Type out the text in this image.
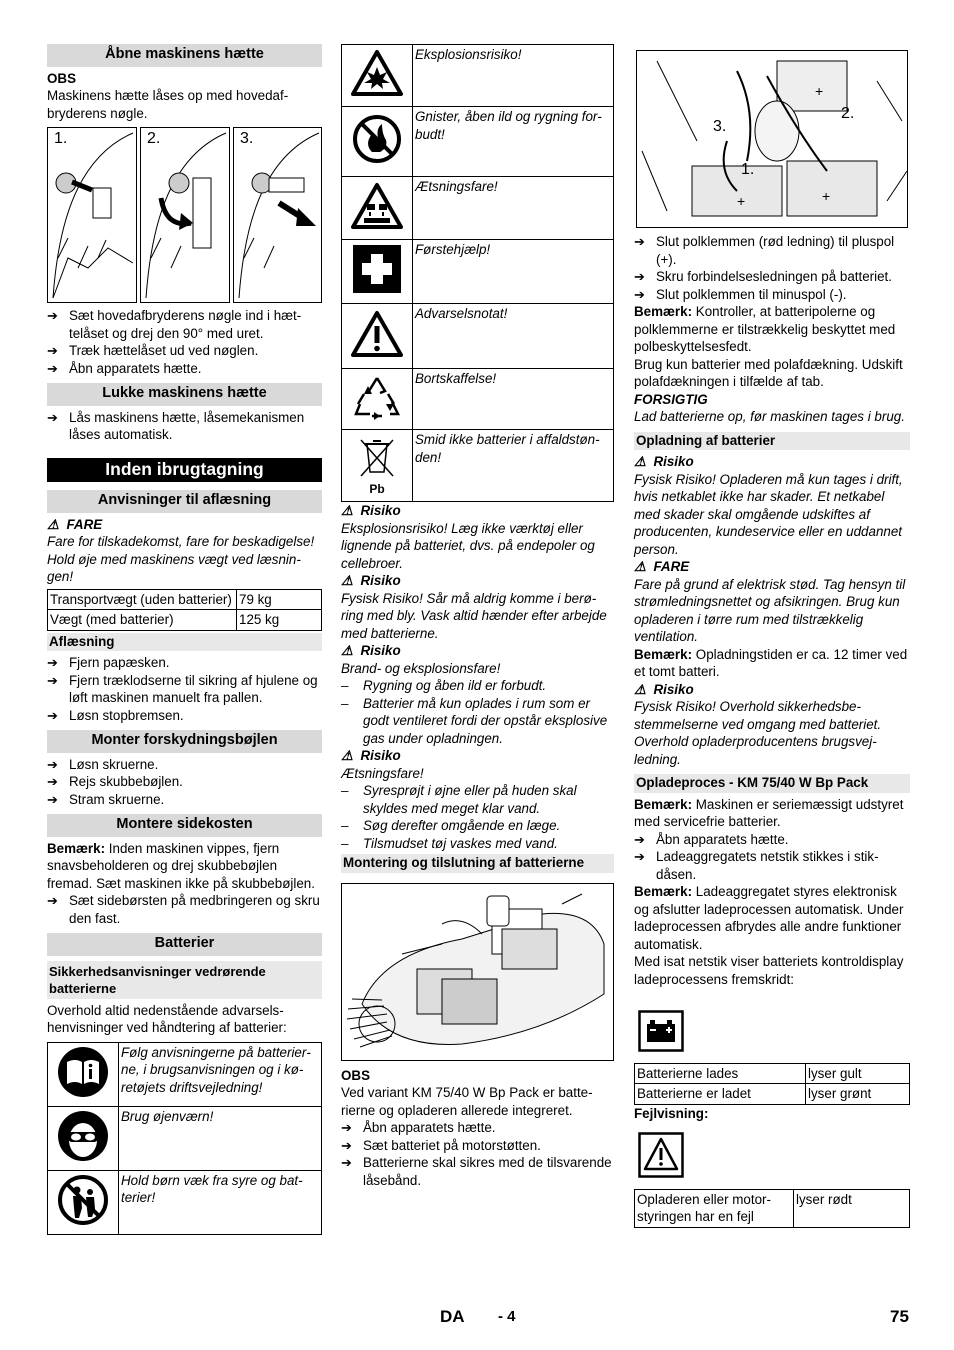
Åbne maskinens hætte

OBS

Maskinens hætte låses op med hovedafbryderens nøgle.

1.	2.	3.
➔ Sæt hovedafbryderens nøgle ind i hættelåset og drej den 90° med uret.
➔ Træk hættelåset ud ved nøglen.
➔ Åbn apparatets hætte.
Lukke maskinens hætte
➔ Lås maskinens hætte, låsemekanismen låses automatisk.
Inden ibrugtagning
Anvisninger til aflæsning

⚠ FARE

Fare for tilskadekomst, fare for beskadigelse!

Hold øje med maskinens vægt ved læsningen!

Transportvægt (uden batterier)	79 kg
Vægt (med batterier)	125 kg
Aflæsning
➔ Fjern papæsken.
➔ Fjern træklodserne til sikring af hjulene og løft maskinen manuelt fra pallen.
➔ Løsn stopbremsen.
Monter forskydningsbøjlen
➔ Løsn skruerne.
➔ Rejs skubbebøjlen.
➔ Stram skruerne.
Montere sidekosten

Bemærk: Inden maskinen vippes, fjern snavsbeholderen og drej skubbebøjlen fremad. Sæt maskinen ikke på skubbebøjlen.

➔ Sæt sidebørsten på medbringeren og skru den fast.
Batterier
Sikkerhedsanvisninger vedrørende batterierne

Overhold altid nedenstående advarselshenvisninger ved håndtering af batterier:

	Følg anvisningerne på batterierne, i brugsanvisningen og i køretøjets driftsvejledning!
	Brug øjenværn!
	Hold børn væk fra syre og batterier!
	Eksplosionsrisiko!
	Gnister, åben ild og rygning forbudt!
	Ætsningsfare!
	Førstehjælp!
	Advarselsnotat!
	Bortskaffelse!

Pb	Smid ikke batterier i affaldstønden!

⚠ Risiko

Eksplosionsrisiko! Læg ikke værktøj eller lignende på batteriet, dvs. på endepoler og cellebroer.

⚠ Risiko

Fysisk Risiko! Sår må aldrig komme i berøring med bly. Vask altid hænder efter arbejde med batterierne.

⚠ Risiko

Brand- og eksplosionsfare!

–	Rygning og åben ild er forbudt.
–	Batterier må kun oplades i rum som er godt ventileret fordi der opstår eksplosive gas under opladningen.

⚠ Risiko

Ætsningsfare!

–	Syresprøjt i øjne eller på huden skal skyldes med meget klar vand.
–	Søg derefter omgående en læge.
–	Tilsmudset tøj vaskes med vand.
Montering og tilslutning af batterierne

OBS

Ved variant KM 75/40 W Bp Pack er batterierne og opladeren allerede integreret.

➔ Åbn apparatets hætte.
➔ Sæt batteriet på motorstøtten.
➔ Batterierne skal sikres med de tilsvarende låsebånd.
+
+
+
1.
2.
3.
➔ Slut polklemmen (rød ledning) til pluspol (+).
➔ Skru forbindelsesledningen på batteriet.
➔ Slut polklemmen til minuspol (-).

Bemærk: Kontroller, at batteripolerne og polklemmerne er tilstrækkelig beskyttet med polbeskyttelsesfedt.

Brug kun batterier med polafdækning. Udskift polafdækningen i tilfælde af tab.

FORSIGTIG

Lad batterierne op, før maskinen tages i brug.

Opladning af batterier

⚠ Risiko

Fysisk Risiko! Opladeren må kun tages i drift, hvis netkablet ikke har skader. Et netkabel med skader skal omgående udskiftes af producenten, kundeservice eller en uddannet person.

⚠ FARE

Fare på grund af elektrisk stød. Tag hensyn til strømledningsnettet og afsikringen. Brug kun opladeren i tørre rum med tilstrækkelig ventilation.

Bemærk: Opladningstiden er ca. 12 timer ved et tomt batteri.

⚠ Risiko

Fysisk Risiko! Overhold sikkerhedsbestemmelserne ved omgang med batteriet. Overhold opladerproducentens brugsvejledning.

Opladeproces - KM 75/40 W Bp Pack

Bemærk: Maskinen er seriemæssigt udstyret med servicefrie batterier.

➔ Åbn apparatets hætte.
➔ Ladeaggregatets netstik stikkes i stikdåsen.

Bemærk: Ladeaggregatet styres elektronisk og afslutter ladeprocessen automatisk. Under ladeprocessen afbrydes alle andre funktioner automatisk.

Med isat netstik viser batteriets kontroldisplay ladeprocessens fremskridt:

Batterierne lades	lyser gult
Batterierne er ladet	lyser grønt

Fejlvisning:

Opladeren eller motorstyringen har en fejl	lyser rødt
DA - 4	75
